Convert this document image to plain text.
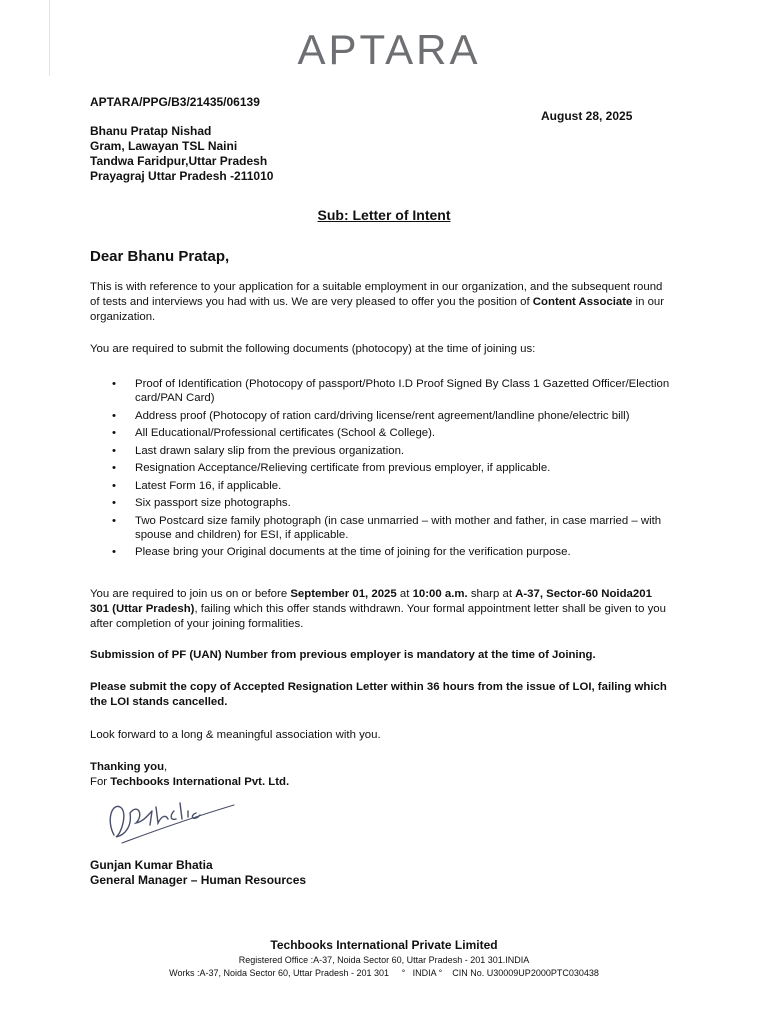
APTARA
APTARA/PPG/B3/21435/06139
August 28, 2025
Bhanu Pratap Nishad
Gram, Lawayan TSL Naini
Tandwa Faridpur,Uttar Pradesh
Prayagraj Uttar Pradesh -211010
Sub: Letter of Intent
Dear Bhanu Pratap,
This is with reference to your application for a suitable employment in our organization, and the subsequent round of tests and interviews you had with us. We are very pleased to offer you the position of Content Associate in our organization.
You are required to submit the following documents (photocopy) at the time of joining us:
• Proof of Identification (Photocopy of passport/Photo I.D Proof Signed By Class 1 Gazetted Officer/Election card/PAN Card)
• Address proof (Photocopy of ration card/driving license/rent agreement/landline phone/electric bill)
• All Educational/Professional certificates (School & College).
• Last drawn salary slip from the previous organization.
• Resignation Acceptance/Relieving certificate from previous employer, if applicable.
• Latest Form 16, if applicable.
• Six passport size photographs.
• Two Postcard size family photograph (in case unmarried – with mother and father, in case married – with spouse and children) for ESI, if applicable.
• Please bring your Original documents at the time of joining for the verification purpose.
You are required to join us on or before September 01, 2025 at 10:00 a.m. sharp at A-37, Sector-60 Noida201 301 (Uttar Pradesh), failing which this offer stands withdrawn. Your formal appointment letter shall be given to you after completion of your joining formalities.
Submission of PF (UAN) Number from previous employer is mandatory at the time of Joining.
Please submit the copy of Accepted Resignation Letter within 36 hours from the issue of LOI, failing which the LOI stands cancelled.
Look forward to a long & meaningful association with you.
Thanking you,
For Techbooks International Pvt. Ltd.
Gunjan Kumar Bhatia
General Manager – Human Resources
Techbooks International Private Limited
Registered Office :A-37, Noida Sector 60, Uttar Pradesh - 201 301.INDIA
Works :A-37, Noida Sector 60, Uttar Pradesh - 201 301     °   INDIA °    CIN No. U30009UP2000PTC030438
